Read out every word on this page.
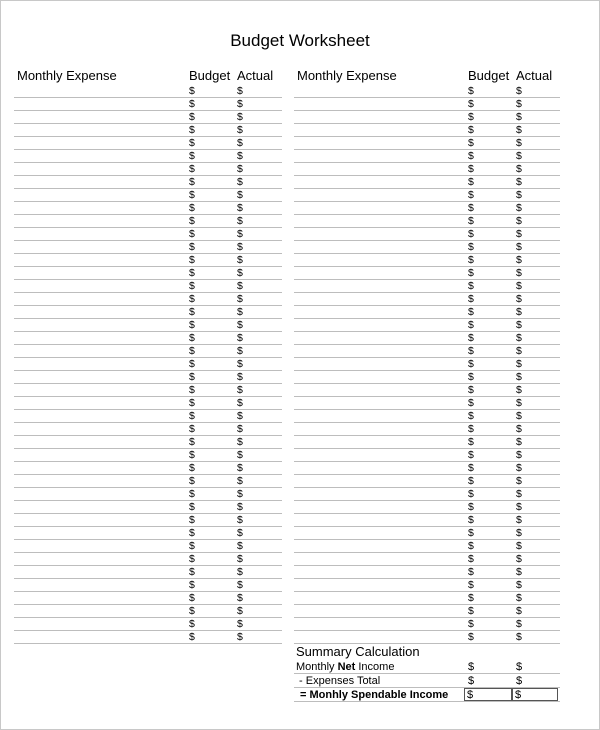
Budget Worksheet
Monthly Expense	Budget Actual
$	$
$	$
$	$
$	$
$	$
$	$
$	$
$	$
$	$
$	$
$	$
$	$
$	$
$	$
$	$
$	$
$	$
$	$
$	$
$	$
$	$
$	$
$	$
$	$
$	$
$	$
$	$
$	$
$	$
$	$
$	$
$	$
$	$
$	$
$	$
$	$
$	$
$	$
$	$
$	$
$	$
$	$
$	$
Monthly Expense	Budget Actual
$	$
$	$
$	$
$	$
$	$
$	$
$	$
$	$
$	$
$	$
$	$
$	$
$	$
$	$
$	$
$	$
$	$
$	$
$	$
$	$
$	$
$	$
$	$
$	$
$	$
$	$
$	$
$	$
$	$
$	$
$	$
$	$
$	$
$	$
$	$
$	$
$	$
$	$
$	$
$	$
$	$
$	$
$	$
Summary Calculation
Monthly Net Income	$	$
- Expenses Total	$	$
= Monhly Spendable Income $	$
